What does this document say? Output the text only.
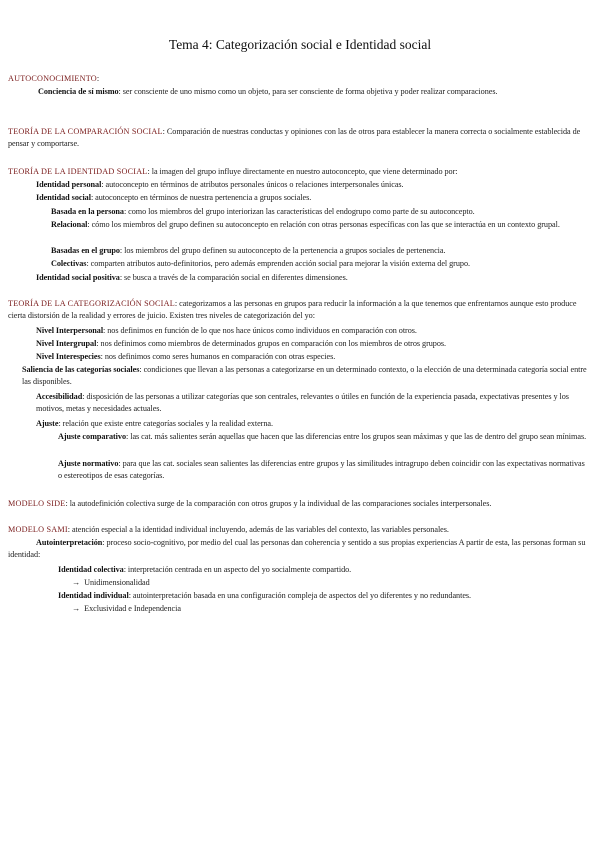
Tema 4: Categorización social e Identidad social
AUTOCONOCIMIENTO:
Conciencia de sí mismo: ser consciente de uno mismo como un objeto, para ser consciente de forma objetiva y poder realizar comparaciones.
TEORÍA DE LA COMPARACIÓN SOCIAL: Comparación de nuestras conductas y opiniones con las de otros para establecer la manera correcta o socialmente establecida de pensar y comportarse.
TEORÍA DE LA IDENTIDAD SOCIAL: la imagen del grupo influye directamente en nuestro autoconcepto, que viene determinado por:
Identidad personal: autoconcepto en términos de atributos personales únicos o relaciones interpersonales únicas.
Identidad social: autoconcepto en términos de nuestra pertenencia a grupos sociales.
Basada en la persona: como los miembros del grupo interiorizan las características del endogrupo como parte de su autoconcepto.
Relacional: cómo los miembros del grupo definen su autoconcepto en relación con otras personas específicas con las que se interactúa en un contexto grupal.
Basadas en el grupo: los miembros del grupo definen su autoconcepto de la pertenencia a grupos sociales de pertenencia.
Colectivas: comparten atributos auto-definitorios, pero además emprenden acción social para mejorar la visión externa del grupo.
Identidad social positiva: se busca a través de la comparación social en diferentes dimensiones.
TEORÍA DE LA CATEGORIZACIÓN SOCIAL: categorizamos a las personas en grupos para reducir la información a la que tenemos que enfrentarnos aunque esto produce cierta distorsión de la realidad y errores de juicio. Existen tres niveles de categorización del yo:
Nivel Interpersonal: nos definimos en función de lo que nos hace únicos como individuos en comparación con otros.
Nivel Intergrupal: nos definimos como miembros de determinados grupos en comparación con los miembros de otros grupos.
Nivel Interespecies: nos definimos como seres humanos en comparación con otras especies.
Saliencia de las categorías sociales: condiciones que llevan a las personas a categorizarse en un determinado contexto, o la elección de una determinada categoría social entre las disponibles.
Accesibilidad: disposición de las personas a utilizar categorías que son centrales, relevantes o útiles en función de la experiencia pasada, expectativas presentes y los motivos, metas y necesidades actuales.
Ajuste: relación que existe entre categorías sociales y la realidad externa.
Ajuste comparativo: las cat. más salientes serán aquellas que hacen que las diferencias entre los grupos sean máximas y que las de dentro del grupo sean mínimas.
Ajuste normativo: para que las cat. sociales sean salientes las diferencias entre grupos y las similitudes intragrupo deben coincidir con las expectativas normativas o estereotipos de esas categorías.
MODELO SIDE: la autodefinición colectiva surge de la comparación con otros grupos y la individual de las comparaciones sociales interpersonales.
MODELO SAMI: atención especial a la identidad individual incluyendo, además de las variables del contexto, las variables personales.
Autointerpretación: proceso socio-cognitivo, por medio del cual las personas dan coherencia y sentido a sus propias experiencias A partir de esta, las personas forman su identidad:
Identidad colectiva: interpretación centrada en un aspecto del yo socialmente compartido.
→ Unidimensionalidad
Identidad individual: autointerpretación basada en una configuración compleja de aspectos del yo diferentes y no redundantes.
→ Exclusividad e Independencia
